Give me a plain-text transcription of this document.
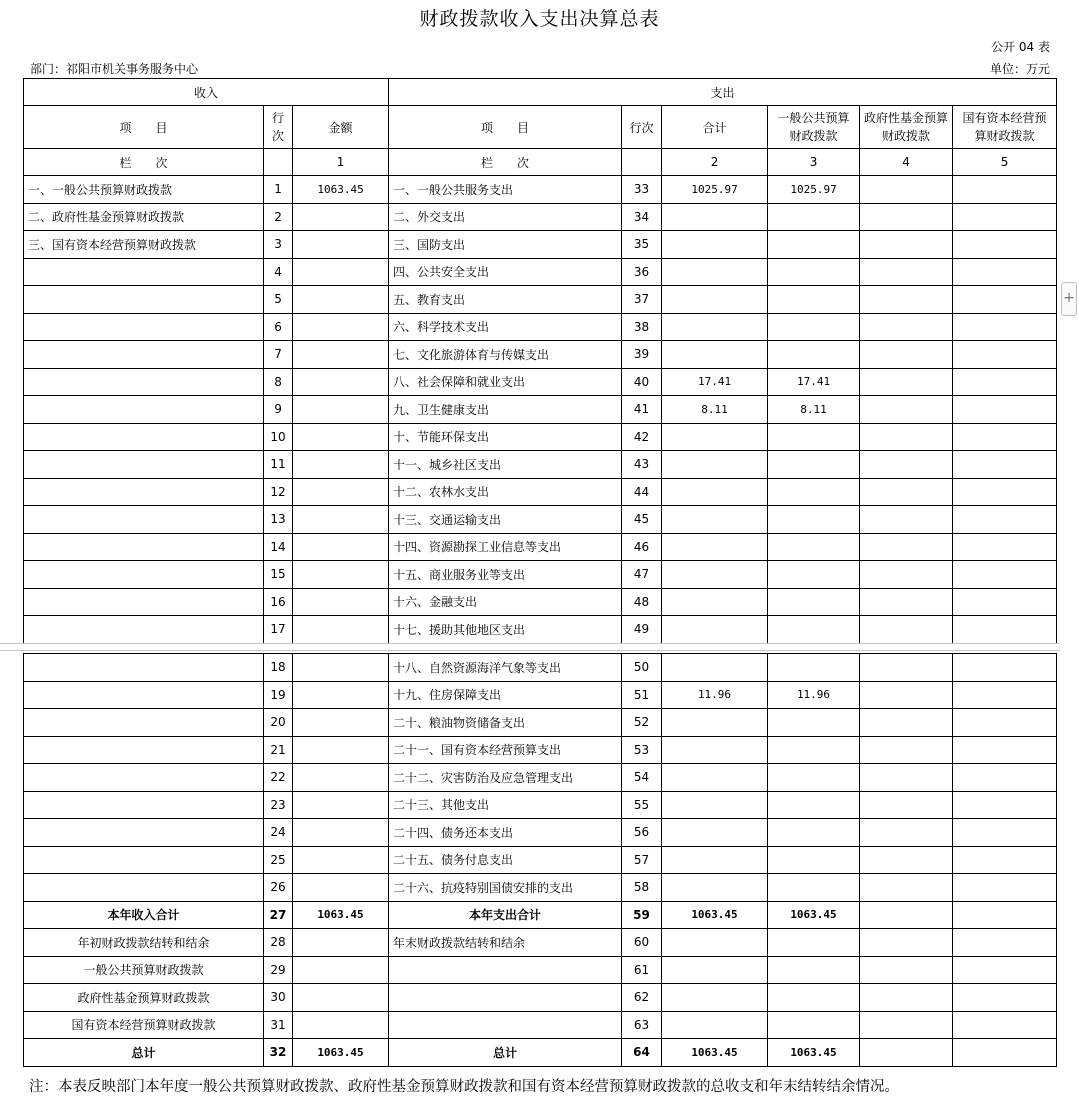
财政拨款收入支出决算总表
公开 04 表
部门：祁阳市机关事务服务中心	单位：万元
收入			支出					
项　　目	行次	金额	项　　目	行次	合计	一般公共预算财政拨款	政府性基金预算财政拨款	国有资本经营预算财政拨款
栏　　次		1	栏　　次		2	3	4	5
一、一般公共预算财政拨款	1	1063.45	一、一般公共服务支出	33	1025.97	1025.97		
二、政府性基金预算财政拨款	2		二、外交支出	34				
三、国有资本经营预算财政拨款	3		三、国防支出	35				
	4		四、公共安全支出	36				
	5		五、教育支出	37				
	6		六、科学技术支出	38				
	7		七、文化旅游体育与传媒支出	39				
	8		八、社会保障和就业支出	40	17.41	17.41		
	9		九、卫生健康支出	41	8.11	8.11		
	10		十、节能环保支出	42				
	11		十一、城乡社区支出	43				
	12		十二、农林水支出	44				
	13		十三、交通运输支出	45				
	14		十四、资源勘探工业信息等支出	46				
	15		十五、商业服务业等支出	47				
	16		十六、金融支出	48				
	17		十七、援助其他地区支出	49				
	18		十八、自然资源海洋气象等支出	50				
	19		十九、住房保障支出	51	11.96	11.96		
	20		二十、粮油物资储备支出	52				
	21		二十一、国有资本经营预算支出	53				
	22		二十二、灾害防治及应急管理支出	54				
	23		二十三、其他支出	55				
	24		二十四、债务还本支出	56				
	25		二十五、债务付息支出	57				
	26		二十六、抗疫特别国债安排的支出	58				
本年收入合计	27	1063.45	本年支出合计	59	1063.45	1063.45		
年初财政拨款结转和结余	28		年末财政拨款结转和结余	60				
一般公共预算财政拨款	29			61				
政府性基金预算财政拨款	30			62				
国有资本经营预算财政拨款	31			63				
总计	32	1063.45	总计	64	1063.45	1063.45		
+
注：本表反映部门本年度一般公共预算财政拨款、政府性基金预算财政拨款和国有资本经营预算财政拨款的总收支和年末结转结余情况。
